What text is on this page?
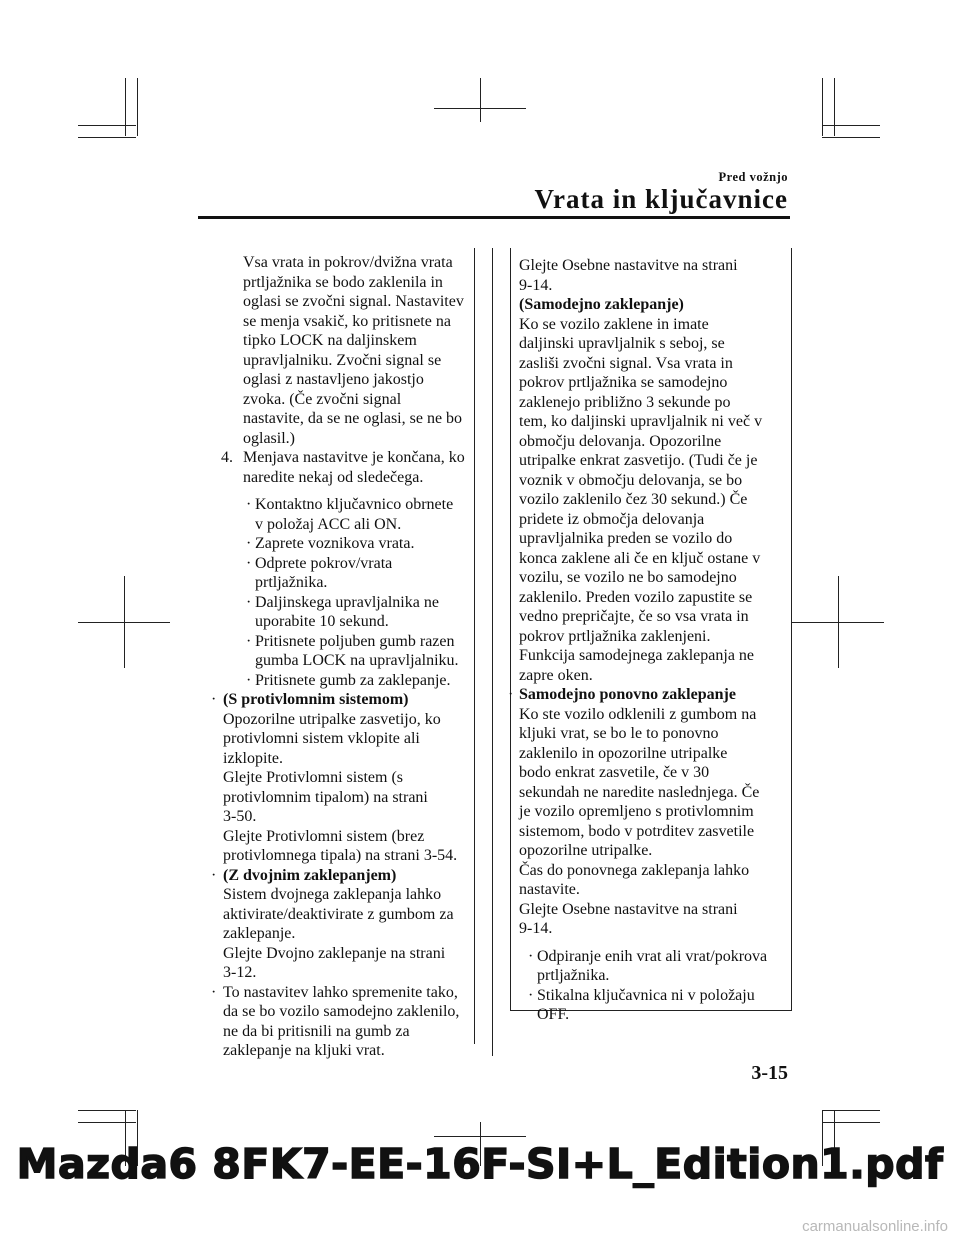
Pred vožnjo
Vrata in ključavnice

Vsa vrata in pokrov/dvižna vrata

prtljažnika se bodo zaklenila in

oglasi se zvočni signal. Nastavitev

se menja vsakič, ko pritisnete na

tipko LOCK na daljinskem

upravljalniku. Zvočni signal se

oglasi z nastavljeno jakostjo

zvoka. (Če zvočni signal

nastavite, da se ne oglasi, se ne bo

oglasil.)

4. Menjava nastavitve je končana, ko

naredite nekaj od sledečega.

· Kontaktno ključavnico obrnete

v položaj ACC ali ON.

· Zaprete voznikova vrata.

· Odprete pokrov/vrata

prtljažnika.

· Daljinskega upravljalnika ne

uporabite 10 sekund.

· Pritisnete poljuben gumb razen

gumba LOCK na upravljalniku.

· Pritisnete gumb za zaklepanje.

· (S protivlomnim sistemom)

Opozorilne utripalke zasvetijo, ko

protivlomni sistem vklopite ali

izklopite.

Glejte Protivlomni sistem (s

protivlomnim tipalom) na strani

3-50.

Glejte Protivlomni sistem (brez

protivlomnega tipala) na strani 3-54.

· (Z dvojnim zaklepanjem)

Sistem dvojnega zaklepanja lahko

aktivirate/deaktivirate z gumbom za

zaklepanje.

Glejte Dvojno zaklepanje na strani

3-12.

· To nastavitev lahko spremenite tako,

da se bo vozilo samodejno zaklenilo,

ne da bi pritisnili na gumb za

zaklepanje na kljuki vrat.

Glejte Osebne nastavitve na strani

9-14.

(Samodejno zaklepanje)

Ko se vozilo zaklene in imate

daljinski upravljalnik s seboj, se

zasliši zvočni signal. Vsa vrata in

pokrov prtljažnika se samodejno

zaklenejo približno 3 sekunde po

tem, ko daljinski upravljalnik ni več v

območju delovanja. Opozorilne

utripalke enkrat zasvetijo. (Tudi če je

voznik v območju delovanja, se bo

vozilo zaklenilo čez 30 sekund.) Če

pridete iz območja delovanja

upravljalnika preden se vozilo do

konca zaklene ali če en ključ ostane v

vozilu, se vozilo ne bo samodejno

zaklenilo. Preden vozilo zapustite se

vedno prepričajte, če so vsa vrata in

pokrov prtljažnika zaklenjeni.

Funkcija samodejnega zaklepanja ne

zapre oken.

· Samodejno ponovno zaklepanje

Ko ste vozilo odklenili z gumbom na

kljuki vrat, se bo le to ponovno

zaklenilo in opozorilne utripalke

bodo enkrat zasvetile, če v 30

sekundah ne naredite naslednjega. Če

je vozilo opremljeno s protivlomnim

sistemom, bodo v potrditev zasvetile

opozorilne utripalke.

Čas do ponovnega zaklepanja lahko

nastavite.

Glejte Osebne nastavitve na strani

9-14.

· Odpiranje enih vrat ali vrat/pokrova

prtljažnika.

· Stikalna ključavnica ni v položaju

OFF.

3-15
Mazda6 8FK7-EE-16F-SI+L_Edition1.pdf
carmanualsonline.info
